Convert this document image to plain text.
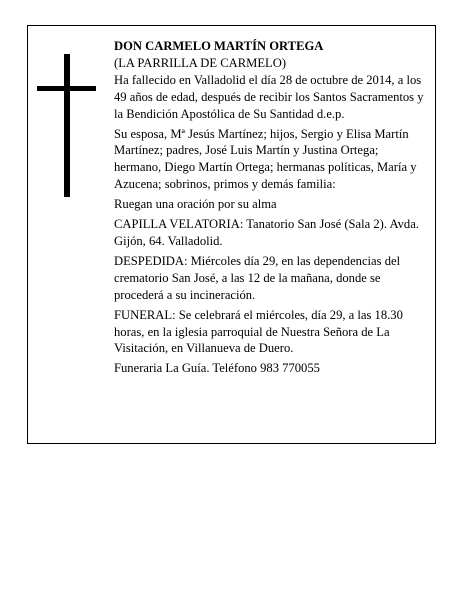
DON CARMELO MARTÍN ORTEGA

(LA PARRILLA DE CARMELO)

Ha fallecido en Valladolid el día 28 de octubre de 2014, a los 49 años de edad, después de recibir los Santos Sacramentos y la Bendición Apostólica de Su Santidad d.e.p.

Su esposa, Mª Jesús Martínez; hijos, Sergio y Elisa Martín Martínez; padres, José Luis Martín y Justina Ortega; hermano, Diego Martín Ortega; hermanas políticas, María y Azucena; sobrinos, primos y demás familia:

Ruegan una oración por su alma

CAPILLA VELATORIA: Tanatorio San José (Sala 2). Avda. Gijón, 64. Valladolid.

DESPEDIDA: Miércoles día 29, en las dependencias del crematorio San José, a las 12 de la mañana, donde se procederá a su incineración.

FUNERAL: Se celebrará el miércoles, día 29, a las 18.30 horas, en la iglesia parroquial de Nuestra Señora de La Visitación, en Villanueva de Duero.

Funeraria La Guía. Teléfono 983 770055
